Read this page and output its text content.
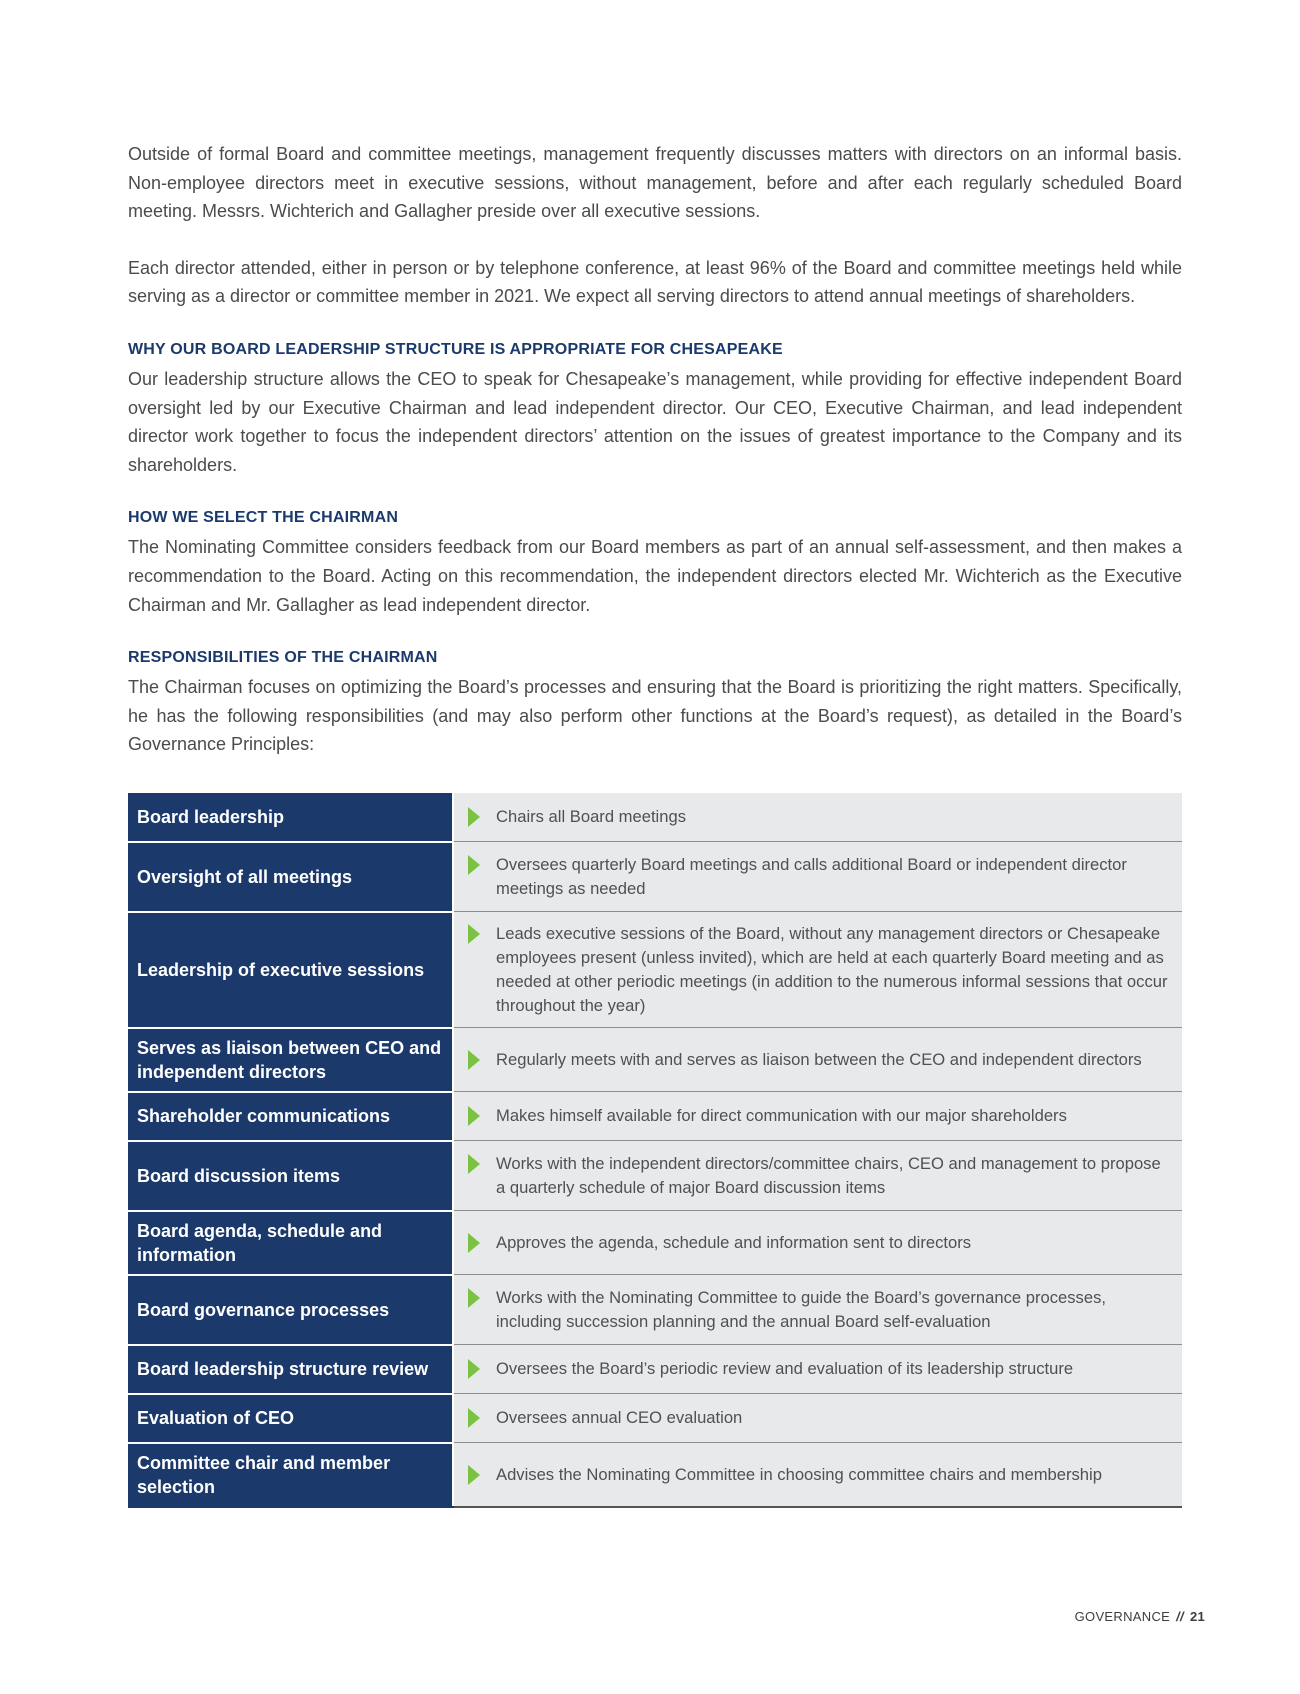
Outside of formal Board and committee meetings, management frequently discusses matters with directors on an informal basis. Non-employee directors meet in executive sessions, without management, before and after each regularly scheduled Board meeting. Messrs. Wichterich and Gallagher preside over all executive sessions.

Each director attended, either in person or by telephone conference, at least 96% of the Board and committee meetings held while serving as a director or committee member in 2021. We expect all serving directors to attend annual meetings of shareholders.

WHY OUR BOARD LEADERSHIP STRUCTURE IS APPROPRIATE FOR CHESAPEAKE

Our leadership structure allows the CEO to speak for Chesapeake’s management, while providing for effective independent Board oversight led by our Executive Chairman and lead independent director. Our CEO, Executive Chairman, and lead independent director work together to focus the independent directors’ attention on the issues of greatest importance to the Company and its shareholders.

HOW WE SELECT THE CHAIRMAN

The Nominating Committee considers feedback from our Board members as part of an annual self-assessment, and then makes a recommendation to the Board. Acting on this recommendation, the independent directors elected Mr. Wichterich as the Executive Chairman and Mr. Gallagher as lead independent director.

RESPONSIBILITIES OF THE CHAIRMAN

The Chairman focuses on optimizing the Board’s processes and ensuring that the Board is prioritizing the right matters. Specifically, he has the following responsibilities (and may also perform other functions at the Board’s request), as detailed in the Board’s Governance Principles:

Board leadership	Chairs all Board meetings

Oversight of all meetings	Oversees quarterly Board meetings and calls additional Board or independent director meetings as needed

Leadership of executive sessions	Leads executive sessions of the Board, without any management directors or Chesapeake employees present (unless invited), which are held at each quarterly Board meeting and as needed at other periodic meetings (in addition to the numerous informal sessions that occur throughout the year)

Serves as liaison between CEO and independent directors	Regularly meets with and serves as liaison between the CEO and independent directors

Shareholder communications	Makes himself available for direct communication with our major shareholders

Board discussion items	Works with the independent directors/committee chairs, CEO and management to propose a quarterly schedule of major Board discussion items

Board agenda, schedule and information	Approves the agenda, schedule and information sent to directors

Board governance processes	Works with the Nominating Committee to guide the Board’s governance processes, including succession planning and the annual Board self-evaluation

Board leadership structure review	Oversees the Board’s periodic review and evaluation of its leadership structure

Evaluation of CEO	Oversees annual CEO evaluation

Committee chair and member selection	Advises the Nominating Committee in choosing committee chairs and membership
GOVERNANCE // 21
